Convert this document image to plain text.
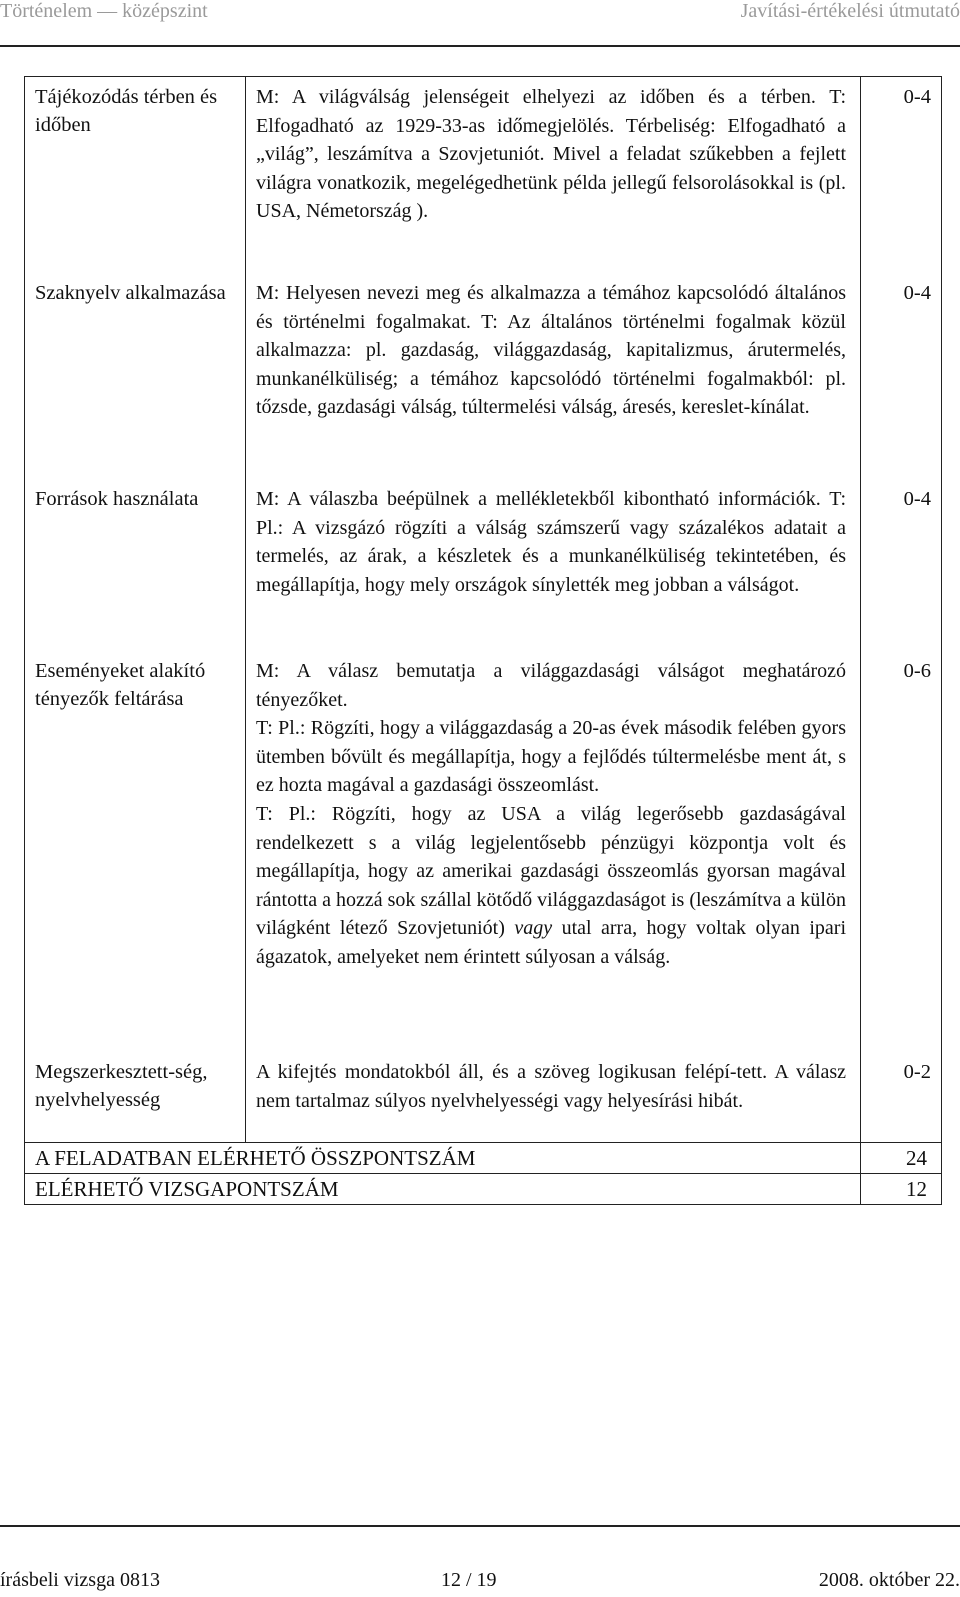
Történelem — középszint	Javítási-értékelési útmutató
Tájékozódás térben és időben	M: A világválság jelenségeit elhelyezi az időben és a térben. T: Elfogadható az 1929-33-as időmegjelölés. Térbeliség: Elfogadható a „világ”, leszámítva a Szovjetuniót. Mivel a feladat szűkebben a fejlett világra vonatkozik, megelégedhetünk példa jellegű felsorolásokkal is (pl. USA, Németország ).	0-4
Szaknyelv alkalmazása	M: Helyesen nevezi meg és alkalmazza a témához kapcsolódó általános és történelmi fogalmakat. T: Az általános történelmi fogalmak közül alkalmazza: pl. gazdaság, világgazdaság, kapitalizmus, árutermelés, munkanélküliség; a témához kapcsolódó történelmi fogalmakból: pl. tőzsde, gazdasági válság, túltermelési válság, áresés, kereslet-kínálat.	0-4
Források használata	M: A válaszba beépülnek a mellékletekből kibontható információk. T: Pl.: A vizsgázó rögzíti a válság számszerű vagy százalékos adatait a termelés, az árak, a készletek és a munkanélküliség tekintetében, és megállapítja, hogy mely országok sínylették meg jobban a válságot.	0-4
Eseményeket alakító tényezők feltárása	M: A válasz bemutatja a világgazdasági válságot meghatározó tényezőket.
T: Pl.: Rögzíti, hogy a világgazdaság a 20-as évek második felében gyors ütemben bővült és megállapítja, hogy a fejlődés túltermelésbe ment át, s ez hozta magával a gazdasági összeomlást.
T: Pl.: Rögzíti, hogy az USA a világ legerősebb gazdaságával rendelkezett s a világ legjelentősebb pénzügyi központja volt és megállapítja, hogy az amerikai gazdasági összeomlás gyorsan magával rántotta a hozzá sok szállal kötődő világgazdaságot is (leszámítva a külön világként létező Szovjetuniót) vagy utal arra, hogy voltak olyan ipari ágazatok, amelyeket nem érintett súlyosan a válság.	0-6
Megszerkesztett-ség, nyelvhelyesség	A kifejtés mondatokból áll, és a szöveg logikusan felépí-tett. A válasz nem tartalmaz súlyos nyelvhelyességi vagy helyesírási hibát.	0-2
A FELADATBAN ELÉRHETŐ ÖSSZPONTSZÁM		24
ELÉRHETŐ VIZSGAPONTSZÁM		12
írásbeli vizsga 0813	12 / 19	2008. október 22.
